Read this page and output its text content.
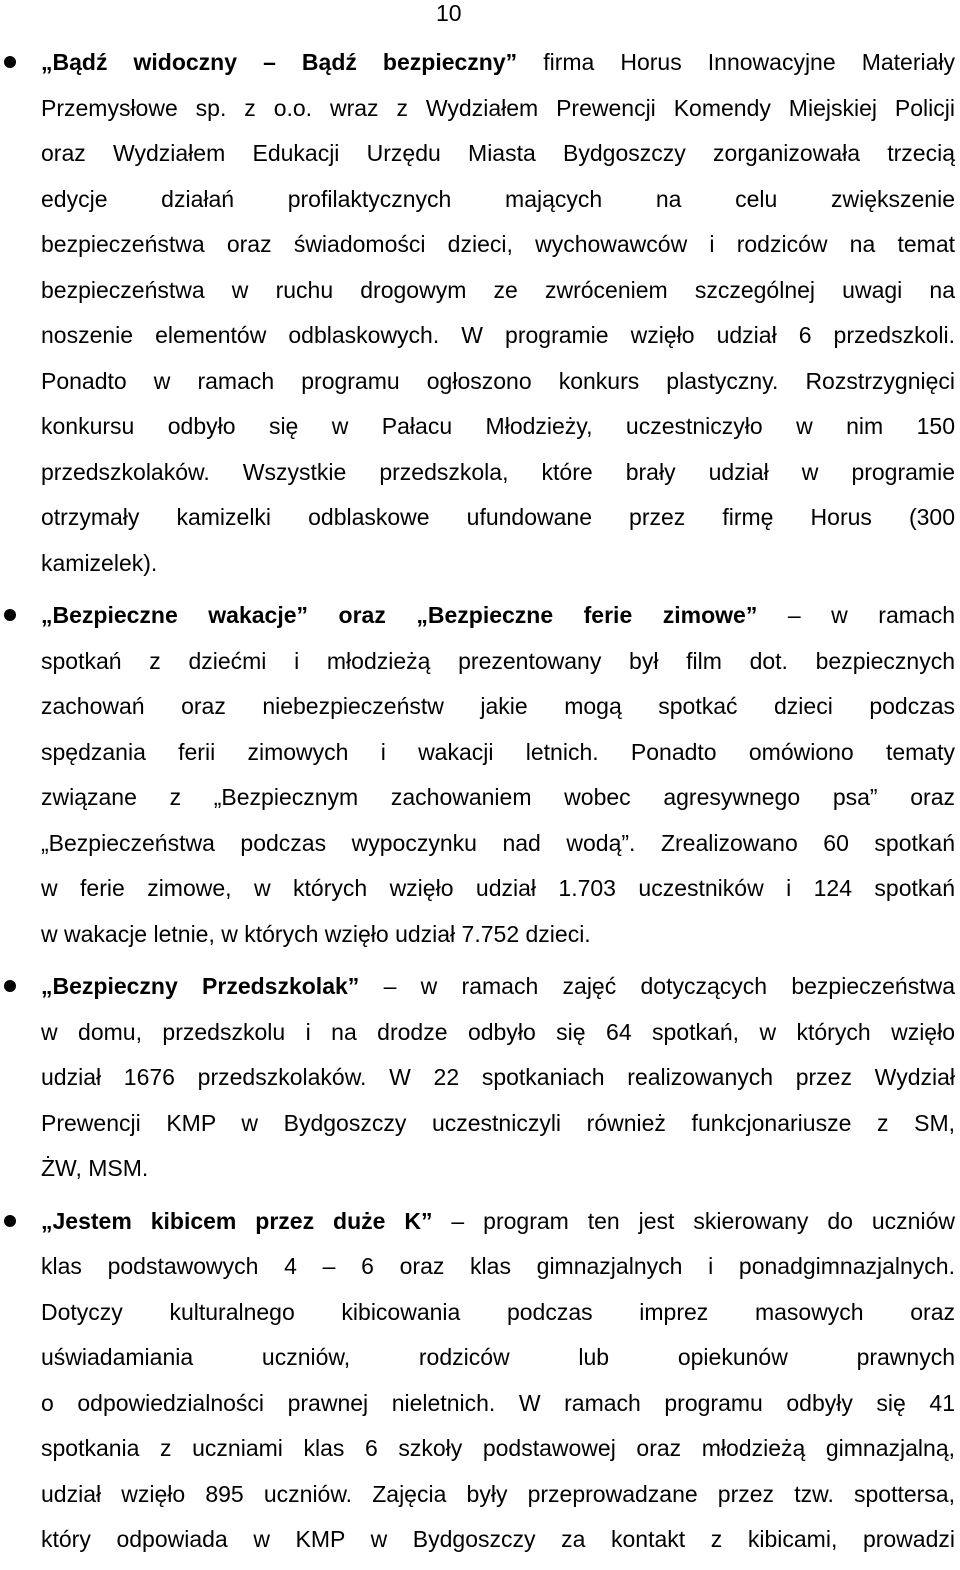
10
„Bądź widoczny – Bądź bezpieczny” firma Horus Innowacyjne Materiały
Przemysłowe sp. z o.o. wraz z Wydziałem Prewencji Komendy Miejskiej Policji
oraz Wydziałem Edukacji Urzędu Miasta Bydgoszczy zorganizowała trzecią
edycje działań profilaktycznych mających na celu zwiększenie
bezpieczeństwa oraz świadomości dzieci, wychowawców i rodziców na temat
bezpieczeństwa w ruchu drogowym ze zwróceniem szczególnej uwagi na
noszenie elementów odblaskowych. W programie wzięło udział 6 przedszkoli.
Ponadto w ramach programu ogłoszono konkurs plastyczny. Rozstrzygnięci
konkursu odbyło się w Pałacu Młodzieży, uczestniczyło w nim 150
przedszkolaków. Wszystkie przedszkola, które brały udział w programie
otrzymały kamizelki odblaskowe ufundowane przez firmę Horus (300
kamizelek).
„Bezpieczne wakacje” oraz „Bezpieczne ferie zimowe” – w ramach
spotkań z dziećmi i młodzieżą prezentowany był film dot. bezpiecznych
zachowań oraz niebezpieczeństw jakie mogą spotkać dzieci podczas
spędzania ferii zimowych i wakacji letnich. Ponadto omówiono tematy
związane z „Bezpiecznym zachowaniem wobec agresywnego psa” oraz
„Bezpieczeństwa podczas wypoczynku nad wodą”. Zrealizowano 60 spotkań
w ferie zimowe, w których wzięło udział 1.703 uczestników i 124 spotkań
w wakacje letnie, w których wzięło udział 7.752 dzieci.
„Bezpieczny Przedszkolak” – w ramach zajęć dotyczących bezpieczeństwa
w domu, przedszkolu i na drodze odbyło się 64 spotkań, w których wzięło
udział 1676 przedszkolaków. W 22 spotkaniach realizowanych przez Wydział
Prewencji KMP w Bydgoszczy uczestniczyli również funkcjonariusze z SM,
ŻW, MSM.
„Jestem kibicem przez duże K” – program ten jest skierowany do uczniów
klas podstawowych 4 – 6 oraz klas gimnazjalnych i ponadgimnazjalnych.
Dotyczy kulturalnego kibicowania podczas imprez masowych oraz
uświadamiania uczniów, rodziców lub opiekunów prawnych
o odpowiedzialności prawnej nieletnich. W ramach programu odbyły się 41
spotkania z uczniami klas 6 szkoły podstawowej oraz młodzieżą gimnazjalną,
udział wzięło 895 uczniów. Zajęcia były przeprowadzane przez tzw. spottersa,
który odpowiada w KMP w Bydgoszczy za kontakt z kibicami, prowadzi
